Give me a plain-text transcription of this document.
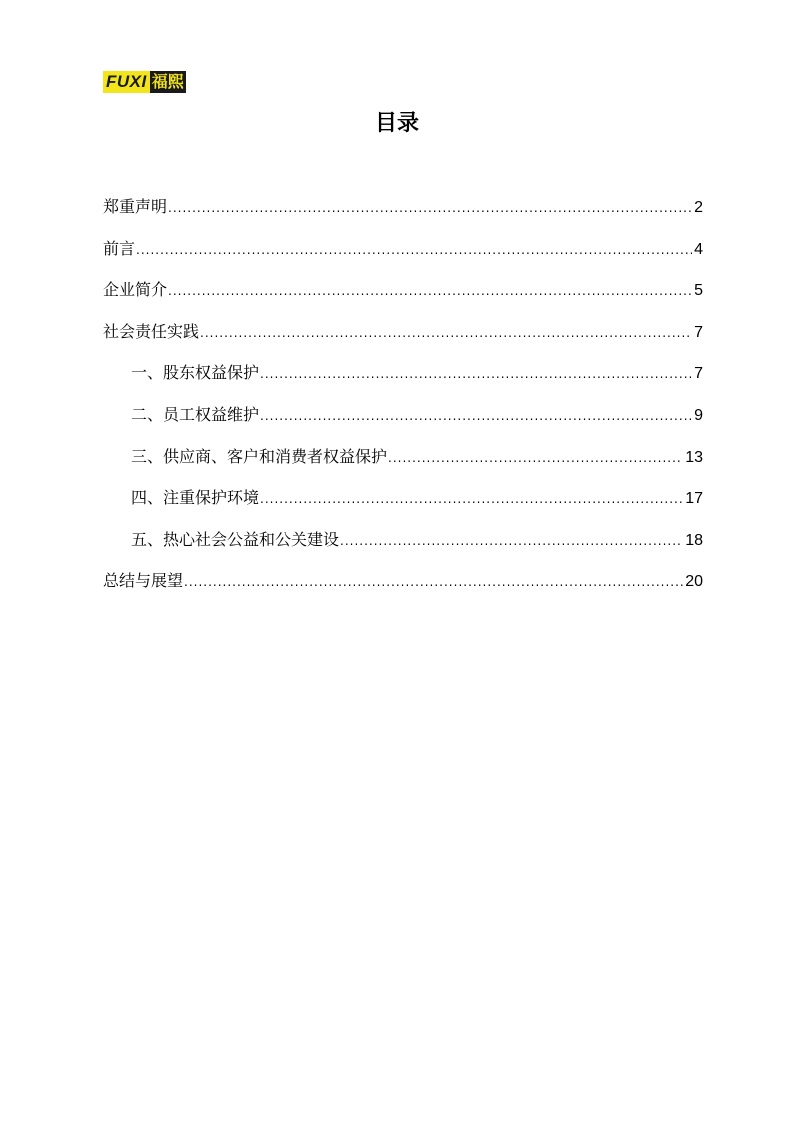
FUXI 福熙
目录
郑重声明 .....	2
前言 .....	4
企业简介 .....	5
社会责任实践 .....	7
一、股东权益保护 .....	7
二、员工权益维护 .....	9
三、供应商、客户和消费者权益保护 .....	13
四、注重保护环境 .....	17
五、热心社会公益和公关建设 .....	18
总结与展望 .....	20
